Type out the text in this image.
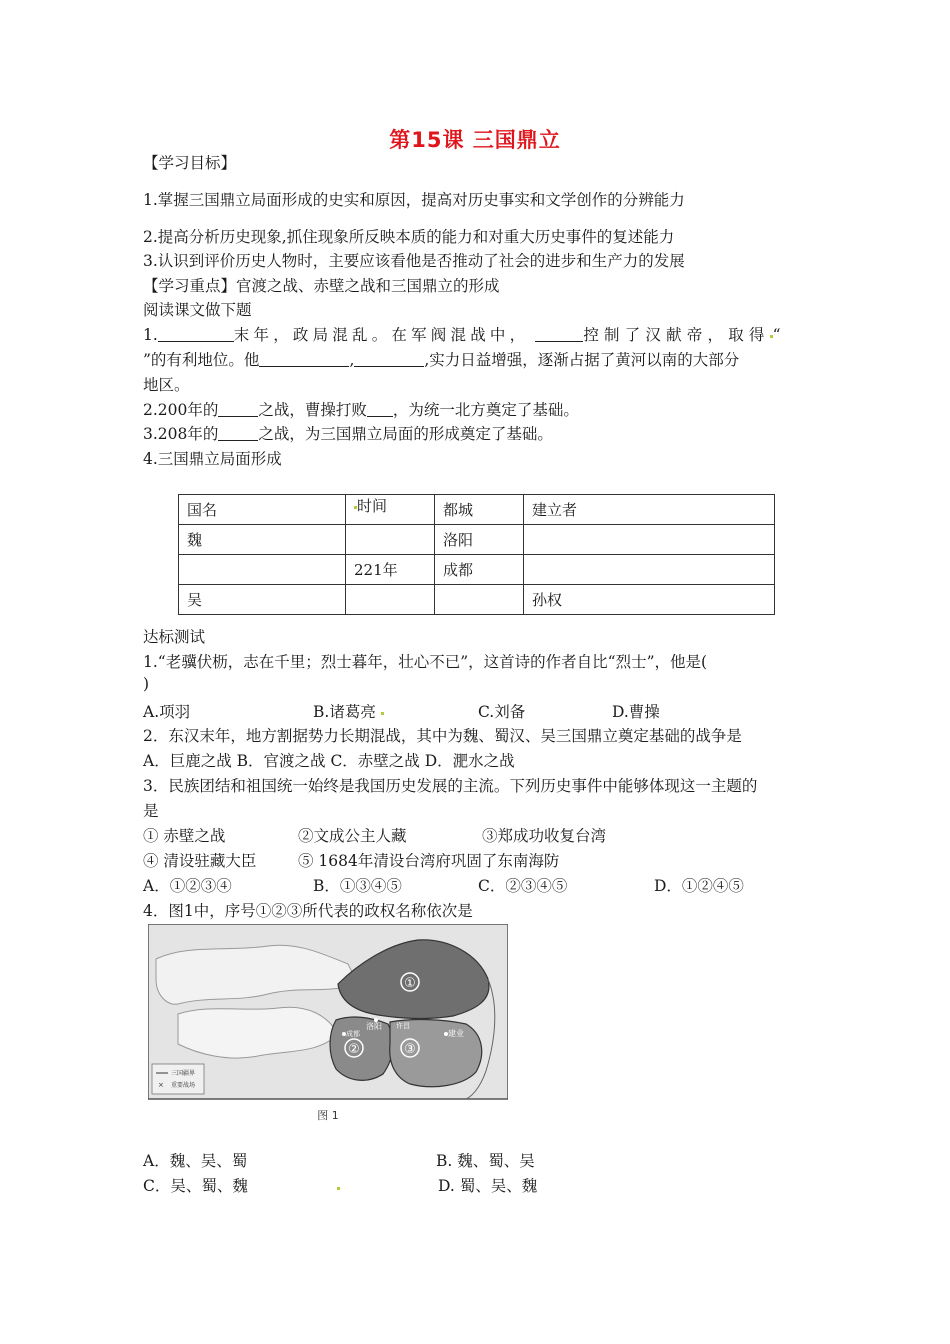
第15课 三国鼎立
【学习目标】
1.掌握三国鼎立局面形成的史实和原因，提高对历史事实和文学创作的分辨能力
2.提高分析历史现象,抓住现象所反映本质的能力和对重大历史事件的复述能力
3.认识到评价历史人物时，主要应该看他是否推动了社会的进步和生产力的发展
【学习重点】官渡之战、赤壁之战和三国鼎立的形成
阅读课文做下题
1.	末年，政局混乱。在军阀混战中，	控制了汉献帝，取得 “
”的有利地位。他	,	,实力日益增强，逐渐占据了黄河以南的大部分
地区。
2.200年的	之战，曹操打败 ，为统一北方奠定了基础。
3.208年的	之战，为三国鼎立局面的形成奠定了基础。
4.三国鼎立局面形成
国名	时间	都城	建立者
魏		洛阳	
	221年	成都	
吴			孙权
达标测试
1.“老骥伏枥，志在千里；烈士暮年，壮心不已”，这首诗的作者自比“烈士”，他是(
)
A.项羽	B.诸葛亮	C.刘备	D.曹操
2．东汉末年，地方割据势力长期混战，其中为魏、蜀汉、吴三国鼎立奠定基础的战争是
A．巨鹿之战 B．官渡之战 C．赤壁之战 D．淝水之战
3．民族团结和祖国统一始终是我国历史发展的主流。下列历史事件中能够体现这一主题的
是
① 赤壁之战	②文成公主人藏	③郑成功收复台湾
④ 清设驻藏大臣	⑤ 1684年清设台湾府巩固了东南海防
A．①②③④	B．①③④⑤	C．②③④⑤	D．①②④⑤
4．图1中，序号①②③所代表的政权名称依次是
①
②	③
洛阳 许昌
成都	建业
三国疆界
× 重要战场
图 1
A．魏、吴、蜀	B. 魏、蜀、吴
C．吴、蜀、魏	D. 蜀、吴、魏
